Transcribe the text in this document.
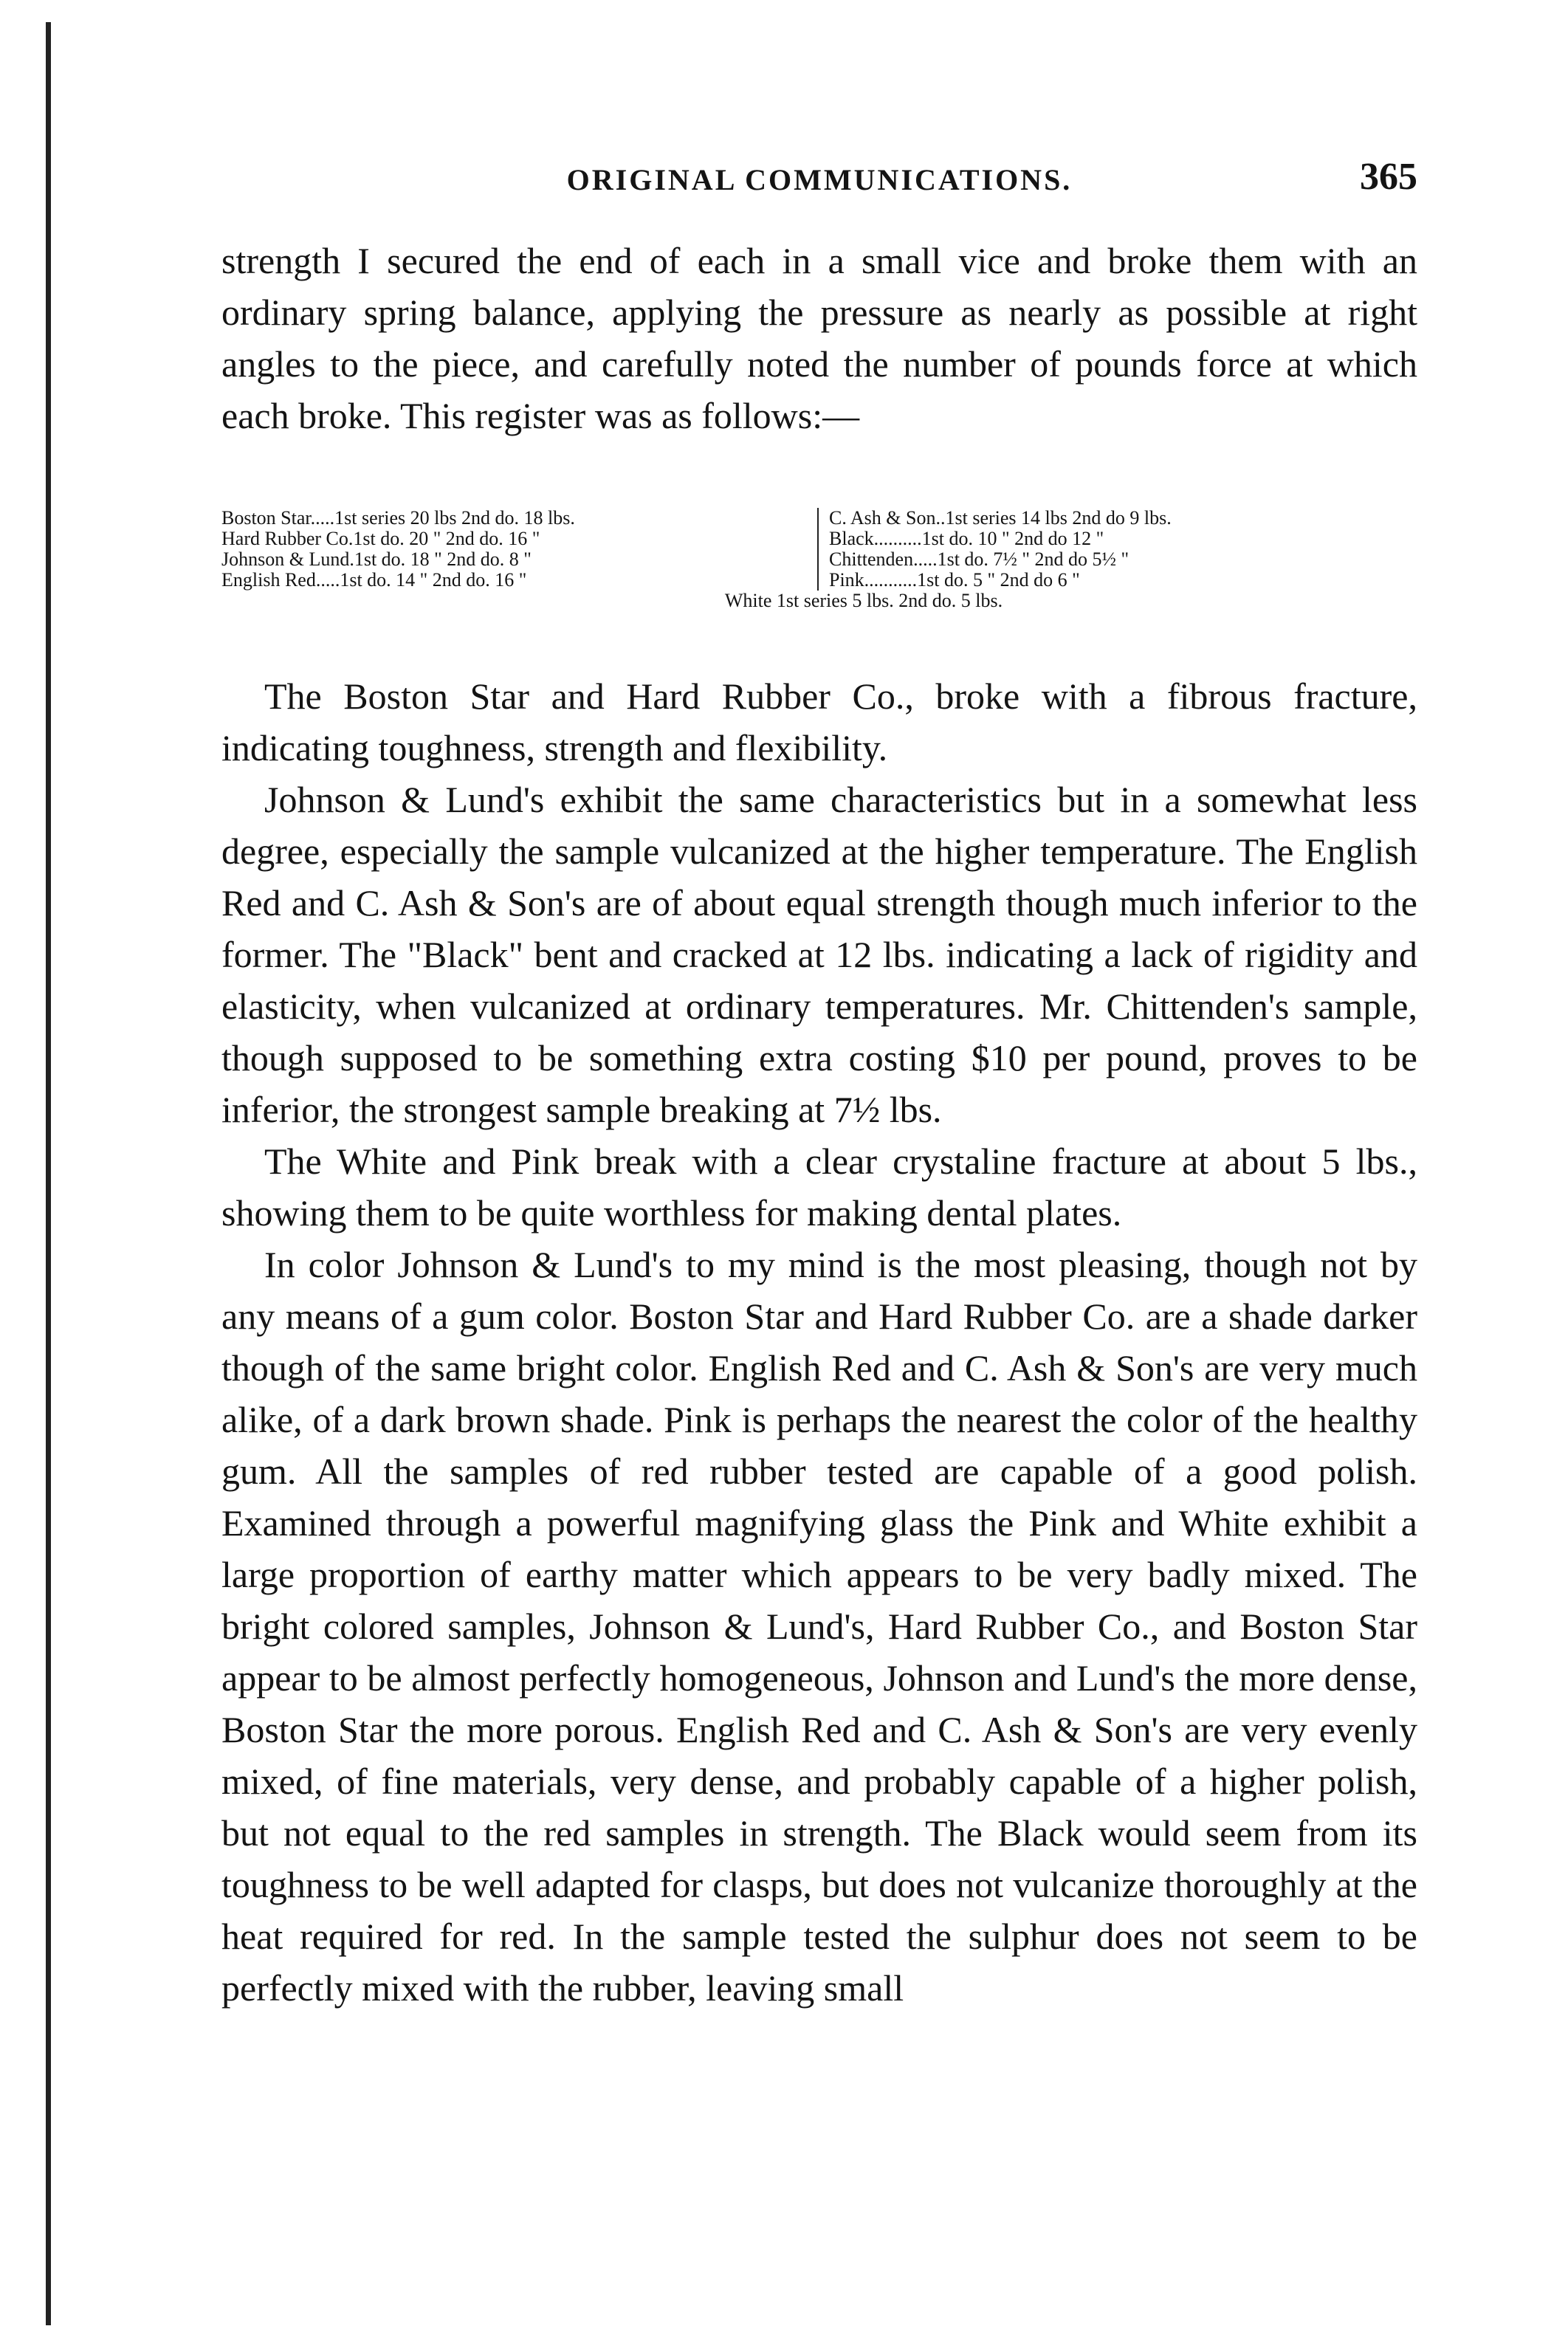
ORIGINAL COMMUNICATIONS.	365

strength I secured the end of each in a small vice and broke them with an ordinary spring balance, applying the pressure as nearly as possible at right angles to the piece, and carefully noted the number of pounds force at which each broke. This register was as follows:—

Boston Star.....1st series 20 lbs 2nd do. 18 lbs.
Hard Rubber Co.1st do. 20 " 2nd do. 16 "
Johnson & Lund.1st do. 18 " 2nd do. 8 "
English Red.....1st do. 14 " 2nd do. 16 "
C. Ash & Son..1st series 14 lbs 2nd do 9 lbs.
Black..........1st do. 10 " 2nd do 12 "
Chittenden.....1st do. 7½ " 2nd do 5½ "
Pink...........1st do. 5 " 2nd do 6 "
White 1st series 5 lbs. 2nd do. 5 lbs.

The Boston Star and Hard Rubber Co., broke with a fibrous fracture, indicating toughness, strength and flexibility.

Johnson & Lund's exhibit the same characteristics but in a somewhat less degree, especially the sample vulcanized at the higher temperature. The English Red and C. Ash & Son's are of about equal strength though much inferior to the former. The "Black" bent and cracked at 12 lbs. indicating a lack of rigidity and elasticity, when vulcanized at ordinary temperatures. Mr. Chittenden's sample, though supposed to be something extra costing $10 per pound, proves to be inferior, the strongest sample breaking at 7½ lbs.

The White and Pink break with a clear crystaline fracture at about 5 lbs., showing them to be quite worthless for making dental plates.

In color Johnson & Lund's to my mind is the most pleasing, though not by any means of a gum color. Boston Star and Hard Rubber Co. are a shade darker though of the same bright color. English Red and C. Ash & Son's are very much alike, of a dark brown shade. Pink is perhaps the nearest the color of the healthy gum. All the samples of red rubber tested are capable of a good polish. Examined through a powerful magnifying glass the Pink and White exhibit a large proportion of earthy matter which appears to be very badly mixed. The bright colored samples, Johnson & Lund's, Hard Rubber Co., and Boston Star appear to be almost perfectly homogeneous, Johnson and Lund's the more dense, Boston Star the more porous. English Red and C. Ash & Son's are very evenly mixed, of fine materials, very dense, and probably capable of a higher polish, but not equal to the red samples in strength. The Black would seem from its toughness to be well adapted for clasps, but does not vulcanize thoroughly at the heat required for red. In the sample tested the sulphur does not seem to be perfectly mixed with the rubber, leaving small
